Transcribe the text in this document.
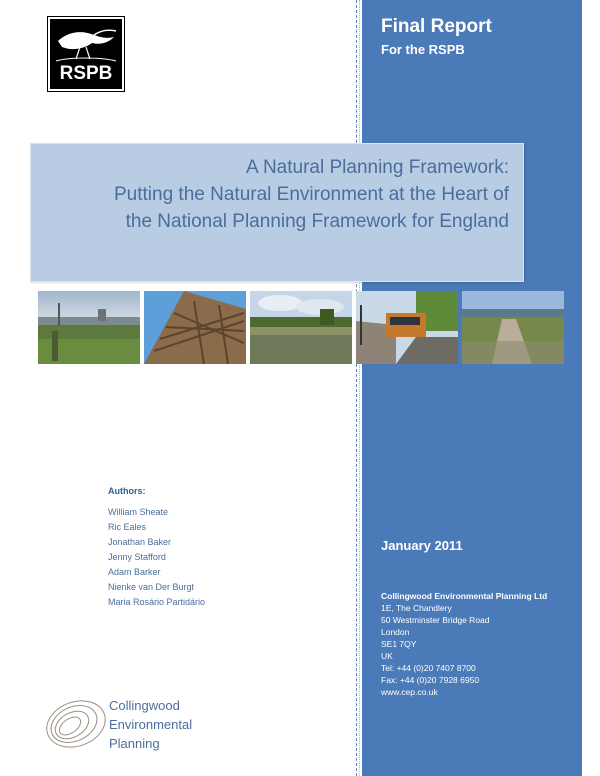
RSPB
Final Report
For the RSPB
A Natural Planning Framework:
Putting the Natural Environment at the Heart of
the National Planning Framework for England
Authors:
William Sheate
Ric Eales
Jonathan Baker
Jenny Stafford
Adam Barker
Nienke van Der Burgt
Maria Rosário Partidário
January 2011
Collingwood Environmental Planning Ltd
1E, The Chandlery
50 Westminster Bridge Road
London
SE1 7QY
UK
Tel: +44 (0)20 7407 8700
Fax: +44 (0)20 7928 6950
www.cep.co.uk
Collingwood
Environmental
Planning
